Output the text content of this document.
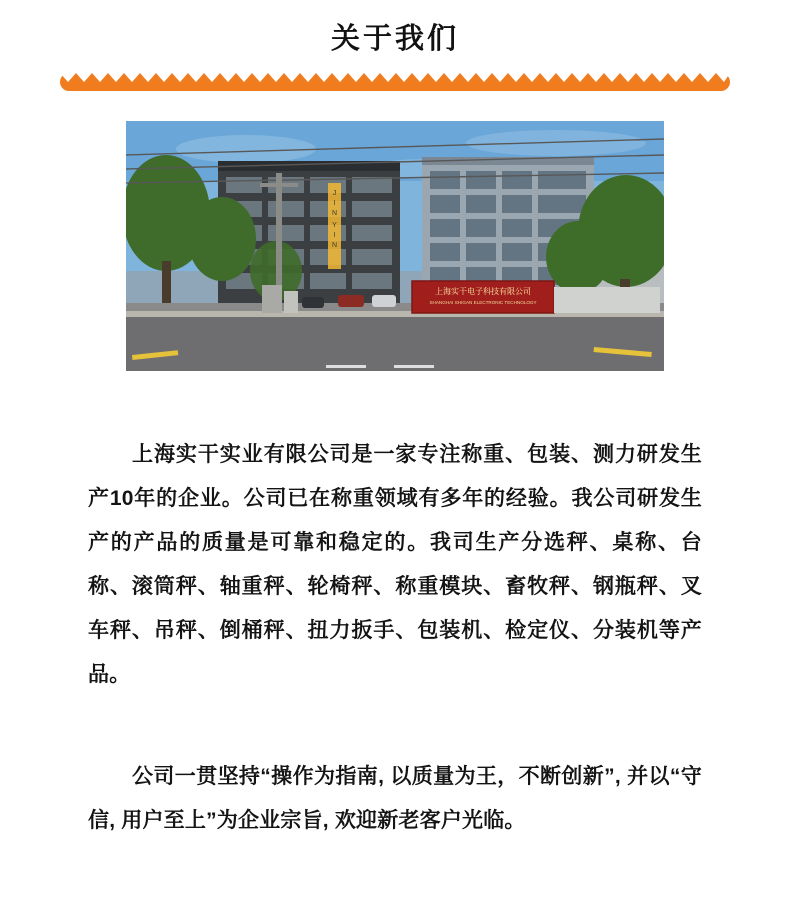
关于我们
J
I
N
Y
I
N
上海实干电子科技有限公司
SHANGHAI SHIGAN ELECTRONIC TECHNOLOGY

上海实干实业有限公司是一家专注称重、包装、测力研发生产10年的企业。公司已在称重领域有多年的经验。我公司研发生产的产品的质量是可靠和稳定的。我司生产分选秤、桌称、台称、滚筒秤、轴重秤、轮椅秤、称重模块、畜牧秤、钢瓶秤、叉车秤、吊秤、倒桶秤、扭力扳手、包装机、检定仪、分装机等产品。

公司一贯坚持“操作为指南, 以质量为王，不断创新”, 并以“守信, 用户至上”为企业宗旨, 欢迎新老客户光临。
